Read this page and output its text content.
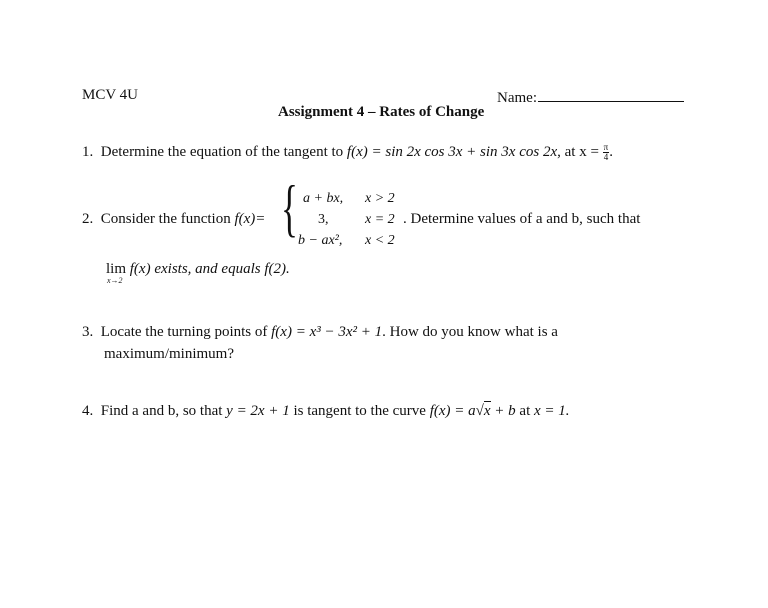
MCV 4U	Name:
Assignment 4 – Rates of Change
1. Determine the equation of the tangent to f(x) = sin 2x cos 3x + sin 3x cos 2x, at $x = \frac{\pi}{4}$ .
2. Consider the function f(x)= { a + bx, x > 2
3,	x = 2
b − ax², x < 2
. Determine values of a and b, such that
lim f(x) exists, and equals f(2).
x→2
3. Locate the turning points of f(x) = x³ − 3x² + 1. How do you know what is a
maximum/minimum?
4. Find a and b, so that y = 2x + 1 is tangent to the curve f(x) = a√x + b at x = 1.
